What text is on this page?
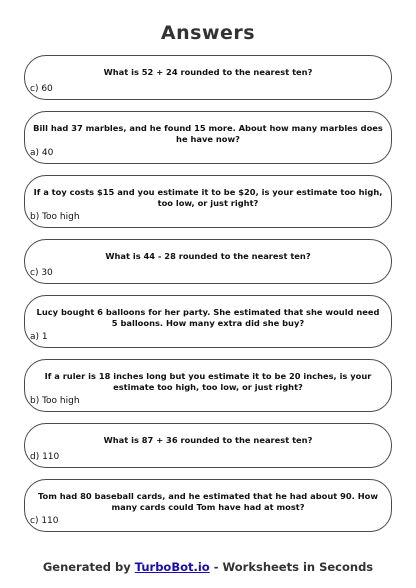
Answers
What is 52 + 24 rounded to the nearest ten?
c) 60
Bill had 37 marbles, and he found 15 more. About how many marbles does he have now?
a) 40
If a toy costs $15 and you estimate it to be $20, is your estimate too high, too low, or just right?
b) Too high
What is 44 - 28 rounded to the nearest ten?
c) 30
Lucy bought 6 balloons for her party. She estimated that she would need 5 balloons. How many extra did she buy?
a) 1
If a ruler is 18 inches long but you estimate it to be 20 inches, is your estimate too high, too low, or just right?
b) Too high
What is 87 + 36 rounded to the nearest ten?
d) 110
Tom had 80 baseball cards, and he estimated that he had about 90. How many cards could Tom have had at most?
c) 110
Generated by TurboBot.io - Worksheets in Seconds
